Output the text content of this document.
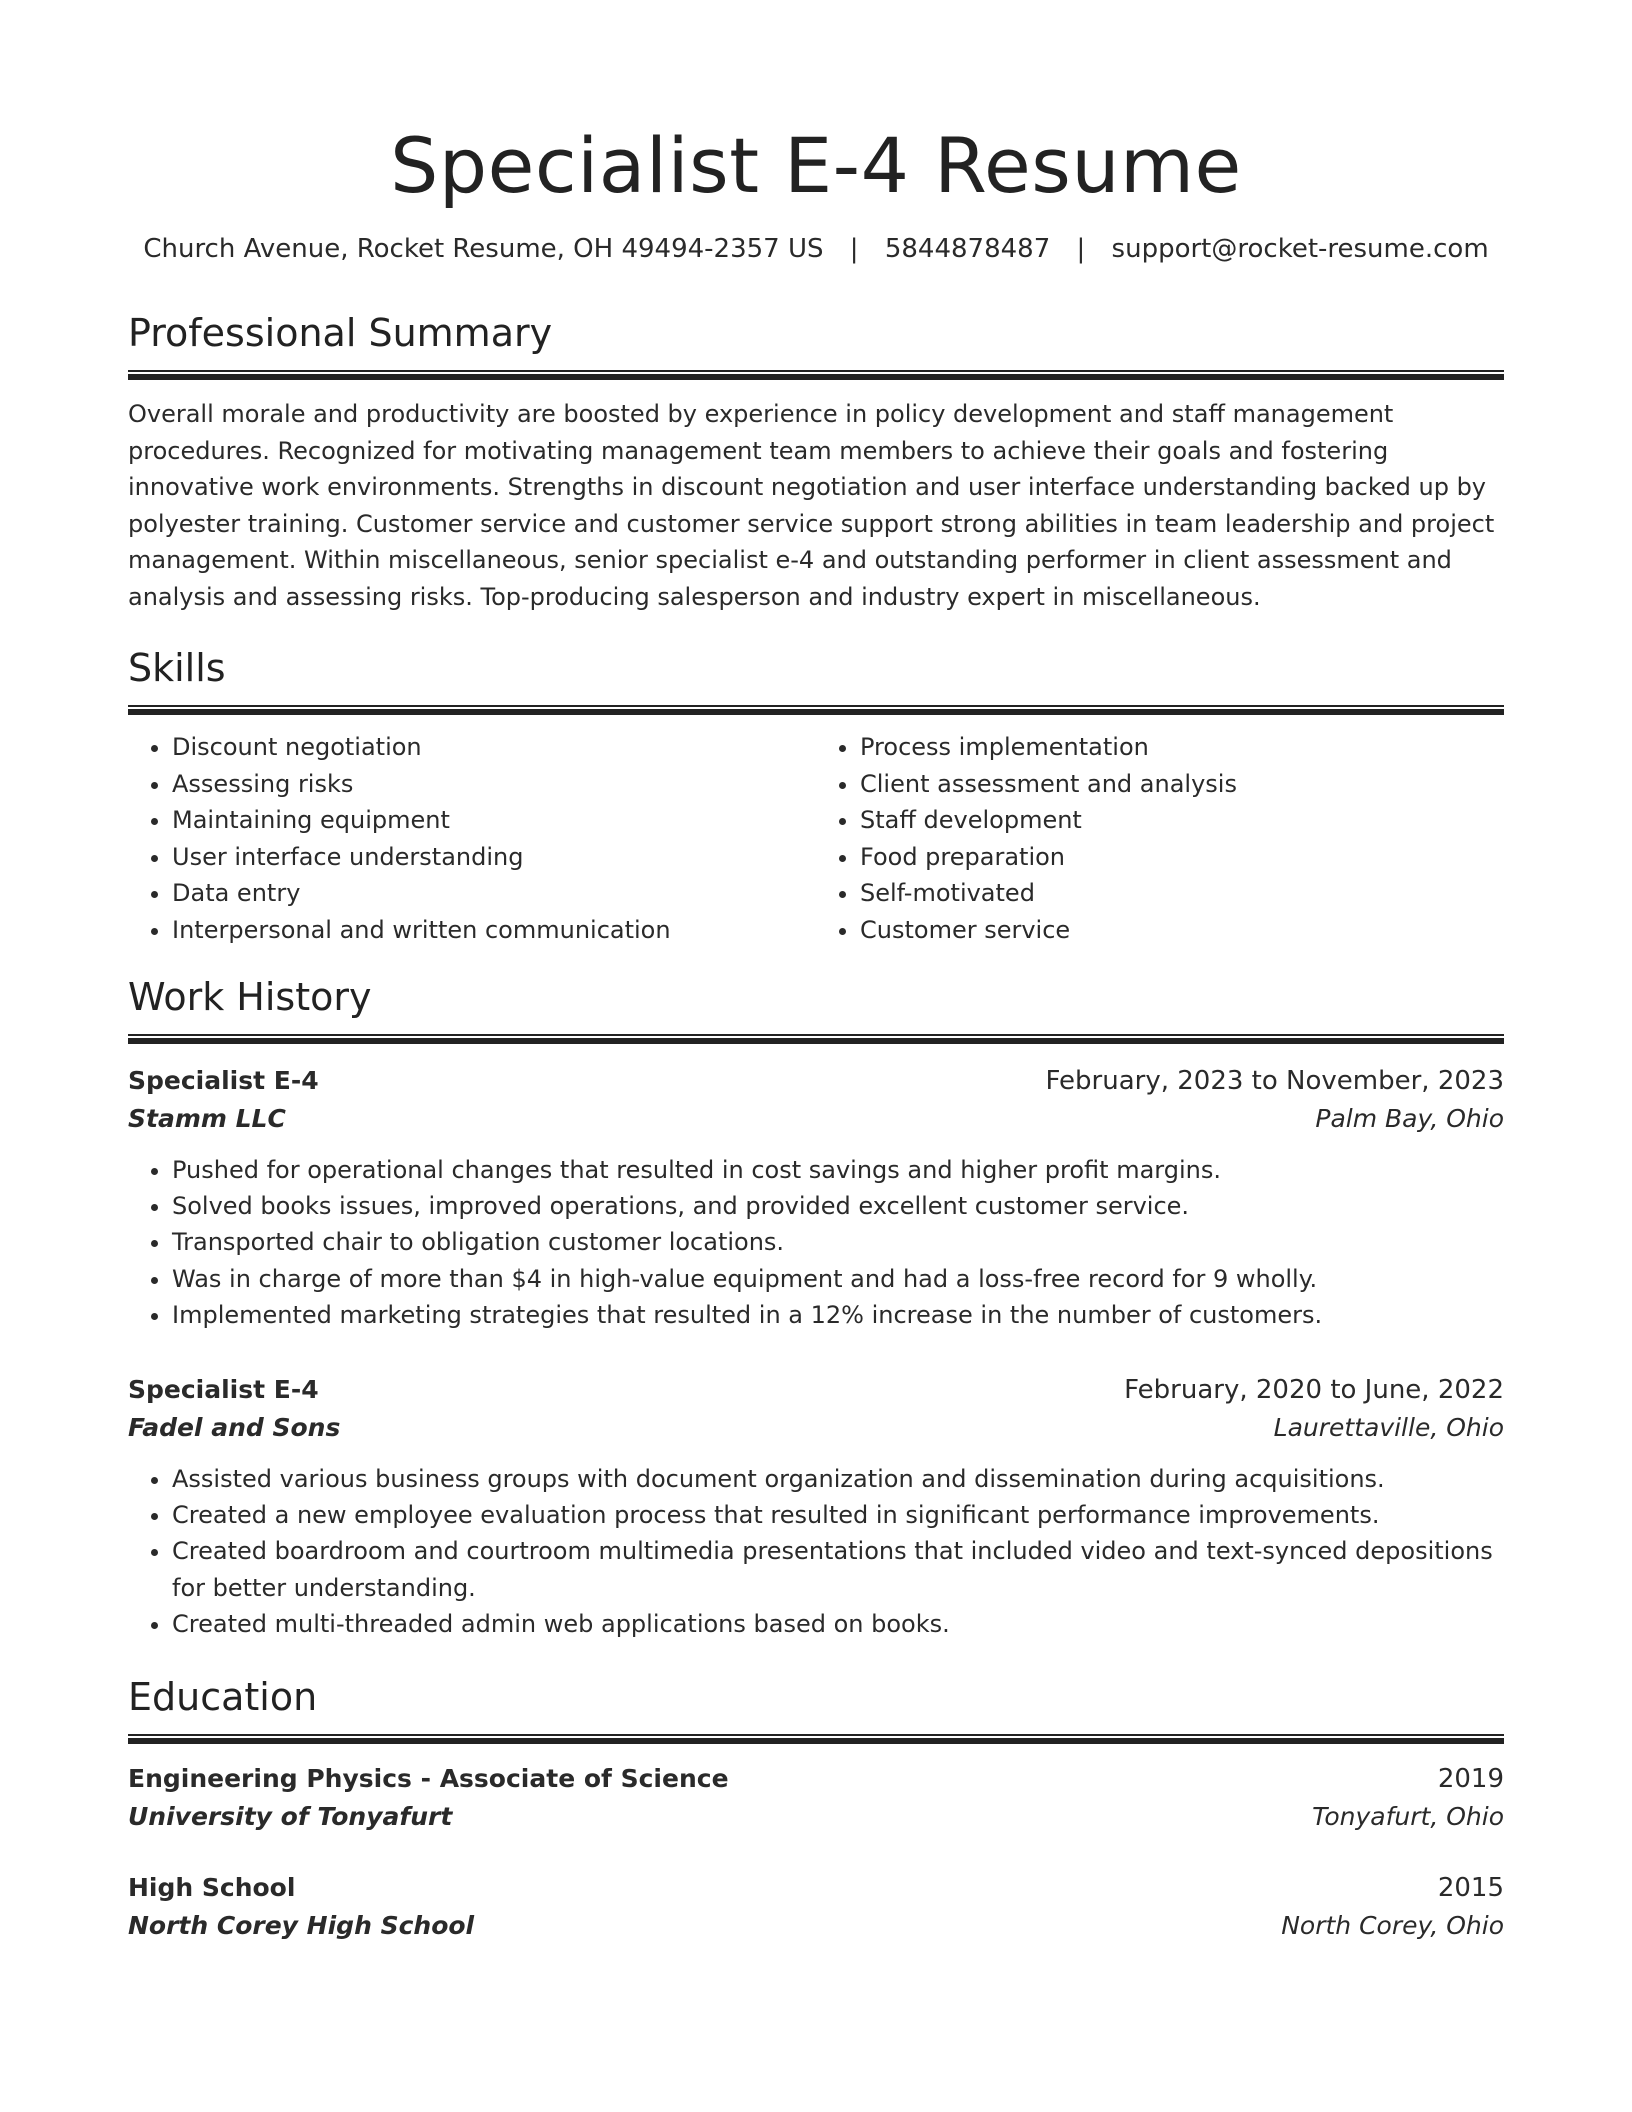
Specialist E-4 Resume
Church Avenue, Rocket Resume, OH 49494-2357 US | 5844878487 | support@rocket-resume.com
Professional Summary

Overall morale and productivity are boosted by experience in policy development and staff management procedures. Recognized for motivating management team members to achieve their goals and fostering innovative work environments. Strengths in discount negotiation and user interface understanding backed up by polyester training. Customer service and customer service support strong abilities in team leadership and project management. Within miscellaneous, senior specialist e-4 and outstanding performer in client assessment and analysis and assessing risks. Top-producing salesperson and industry expert in miscellaneous.

Skills
• Discount negotiation
• Assessing risks
• Maintaining equipment
• User interface understanding
• Data entry
• Interpersonal and written communication
• Process implementation
• Client assessment and analysis
• Staff development
• Food preparation
• Self-motivated
• Customer service
Work History
Specialist E-4	February, 2023 to November, 2023
Stamm LLC	Palm Bay, Ohio
• Pushed for operational changes that resulted in cost savings and higher profit margins.
• Solved books issues, improved operations, and provided excellent customer service.
• Transported chair to obligation customer locations.
• Was in charge of more than $4 in high-value equipment and had a loss-free record for 9 wholly.
• Implemented marketing strategies that resulted in a 12% increase in the number of customers.
Specialist E-4	February, 2020 to June, 2022
Fadel and Sons	Laurettaville, Ohio
• Assisted various business groups with document organization and dissemination during acquisitions.
• Created a new employee evaluation process that resulted in significant performance improvements.
• Created boardroom and courtroom multimedia presentations that included video and text-synced depositions for better understanding.
• Created multi-threaded admin web applications based on books.
Education
Engineering Physics - Associate of Science	2019
University of Tonyafurt	Tonyafurt, Ohio
High School	2015
North Corey High School	North Corey, Ohio
